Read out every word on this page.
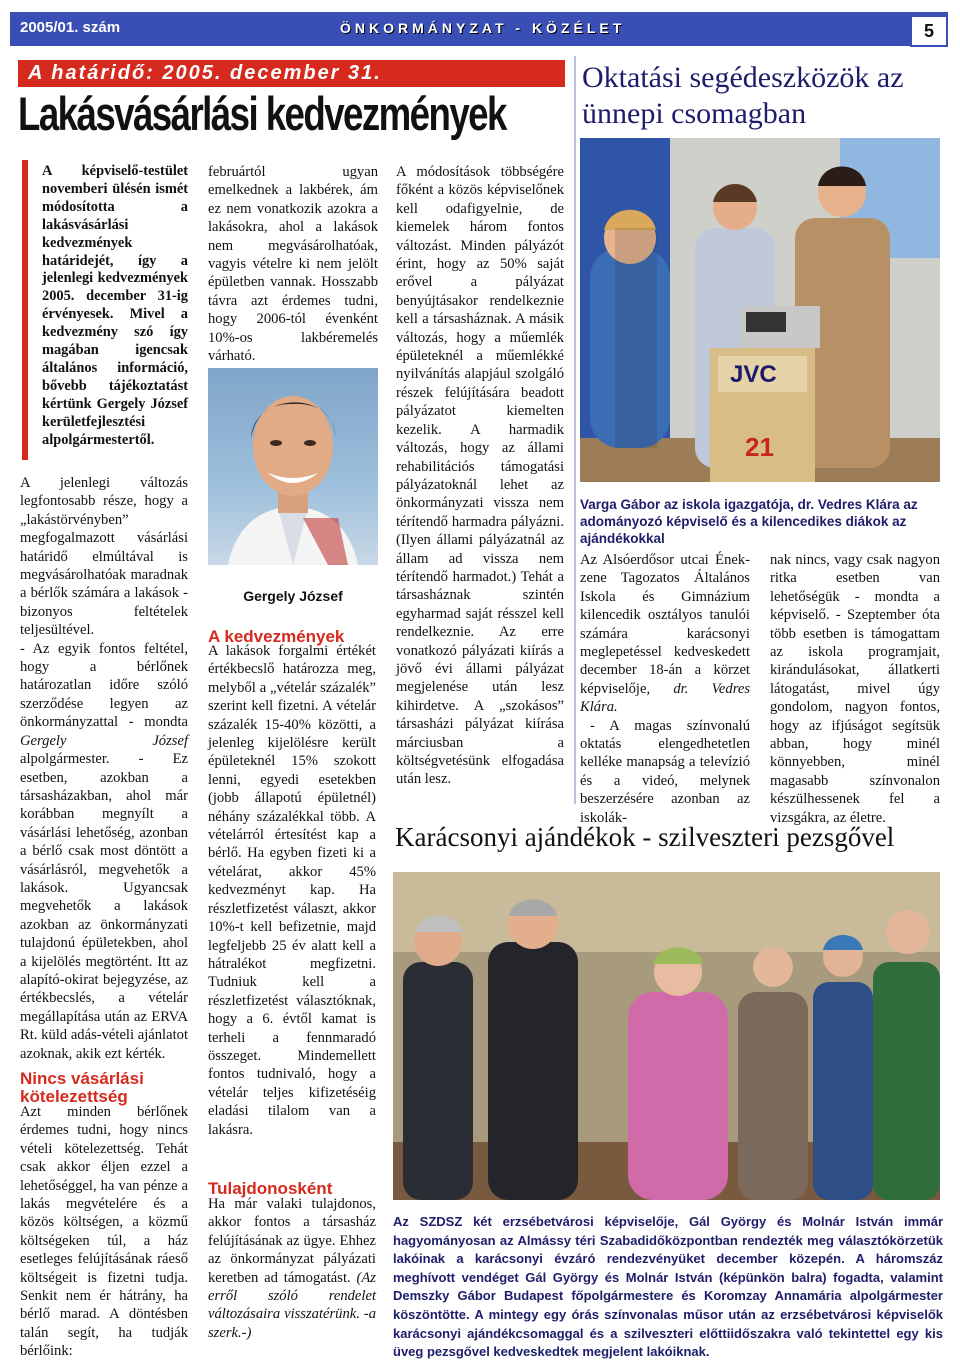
2005/01. szám	ÖNKORMÁNYZAT - KÖZÉLET	5
A határidő: 2005. december 31.
Lakásvásárlási kedvezmények
A képviselő-testület novemberi ülésén ismét módosította a lakásvásárlási kedvezmények határidejét, így a jelenlegi kedvezmények 2005. december 31-ig érvényesek. Mivel a kedvezmény szó így magában igencsak általános információ, bővebb tájékoztatást kértünk Gergely József kerületfejlesztési alpolgármestertől.
A jelenlegi változás legfontosabb része, hogy a „lakástörvényben” megfogalmazott vásárlási határidő elmúltával is megvásárolhatóak maradnak a bérlők számára a lakások - bizonyos feltételek teljesültével.
- Az egyik fontos feltétel, hogy a bérlőnek határozatlan időre szóló szerződése legyen az önkormányzattal - mondta Gergely József alpolgármester. - Ez esetben, azokban a társasházakban, ahol már korábban megnyílt a vásárlási lehetőség, azonban a bérlő csak most döntött a vásárlásról, megvehetők a lakások. Ugyancsak megvehetők a lakások azokban az önkormányzati tulajdonú épületekben, ahol a kijelölés megtörtént. Itt az alapító-okirat bejegyzése, az értékbecslés, a vételár megállapítása után az ERVA Rt. küld adás-vételi ajánlatot azoknak, akik ezt kérték.
Nincs vásárlási kötelezettség
Azt minden bérlőnek érdemes tudni, hogy nincs vételi kötelezettség. Tehát csak akkor éljen ezzel a lehetőséggel, ha van pénze a lakás megvételére és a közös költségen, a közmű költségeken túl, a ház esetleges felújításának ráeső költségeit is fizetni tudja. Senkit nem ér hátrány, ha bérlő marad. A döntésben talán segít, ha tudják bérlőink:
februártól ugyan emelkednek a lakbérek, ám ez nem vonatkozik azokra a lakásokra, ahol a lakások nem megvásárolhatóak, vagyis vételre ki nem jelölt épületben vannak. Hosszabb távra azt érdemes tudni, hogy 2006-tól évenként 10%-os lakbéremelés várható.
Gergely József
A kedvezmények
A lakások forgalmi értékét értékbecslő határozza meg, melyből a „vételár százalék” szerint kell fizetni. A vételár százalék 15-40% közötti, a jelenleg kijelölésre került épületeknél 15% szokott lenni, egyedi esetekben (jobb állapotú épületnél) néhány százalékkal több. A vételárról értesítést kap a bérlő. Ha egyben fizeti ki a vételárat, akkor 45% kedvezményt kap. Ha részletfizetést választ, akkor 10%-t kell befizetnie, majd legfeljebb 25 év alatt kell a hátralékot megfizetni. Tudniuk kell a részletfizetést választóknak, hogy a 6. évtől kamat is terheli a fennmaradó összeget. Mindemellett fontos tudnivaló, hogy a vételár teljes kifizetéséig eladási tilalom van a lakásra.
Tulajdonosként
Ha már valaki tulajdonos, akkor fontos a társasház felújításának az ügye. Ehhez az önkormányzat pályázati keretben ad támogatást. (Az erről szóló rendelet változásaira visszatérünk. -a szerk.-)
A módosítások többségére főként a közös képviselőnek kell odafigyelnie, de kiemelek három fontos változást. Minden pályázót érint, hogy az 50% saját erővel a pályázat benyújtásakor rendelkeznie kell a társasháznak. A másik változás, hogy a műemlék épületeknél a műemlékké nyilvánítás alapjául szolgáló részek felújítására beadott pályázatot kiemelten kezelik. A harmadik változás, hogy az állami rehabilitációs támogatási pályázatoknál lehet az önkormányzati vissza nem térítendő harmadra pályázni. (Ilyen állami pályázatnál az állam ad vissza nem térítendő harmadot.) Tehát a társasháznak szintén egyharmad saját résszel kell rendelkeznie. Az erre vonatkozó pályázati kiírás a jövő évi állami pályázat megjelenése után lesz kihirdetve. A „szokásos” társasházi pályázat kiírása márciusban a költségvetésünk elfogadása után lesz.
Oktatási segédeszközök az ünnepi csomagban
JVC
21
Varga Gábor az iskola igazgatója, dr. Vedres Klára az adományozó képviselő és a kilencedikes diákok az ajándékokkal
Az Alsóerdősor utcai Ének-zene Tagozatos Általános Iskola és Gimnázium kilencedik osztályos tanulói számára karácsonyi meglepetéssel kedveskedett december 18-án a körzet képviselője, dr. Vedres Klára.
- A magas színvonalú oktatás elengedhetetlen kelléke manapság a televízió és a videó, melynek beszerzésére azonban az iskolák-
nak nincs, vagy csak nagyon ritka esetben van lehetőségük - mondta a képviselő. - Szeptember óta több esetben is támogattam az iskola programjait, kirándulásokat, állatkerti látogatást, mivel úgy gondolom, nagyon fontos, hogy az ifjúságot segítsük abban, hogy minél könnyebben, minél magasabb színvonalon készülhessenek fel a vizsgákra, az életre.
Karácsonyi ajándékok - szilveszteri pezsgővel
Az SZDSZ két erzsébetvárosi képviselője, Gál György és Molnár István immár hagyományosan az Almássy téri Szabadidőközpontban rendezték meg választókörzetük lakóinak a karácsonyi évzáró rendezvényüket december közepén. A háromszáz meghívott vendéget Gál György és Molnár István (képünkön balra) fogadta, valamint Demszky Gábor Budapest főpolgármestere és Koromzay Annamária alpolgármester köszöntötte. A mintegy egy órás színvonalas műsor után az erzsébetvárosi képviselők karácsonyi ajándékcsomaggal és a szilveszteri előttiidőszakra való tekintettel egy kis üveg pezsgővel kedveskedtek megjelent lakóiknak.
